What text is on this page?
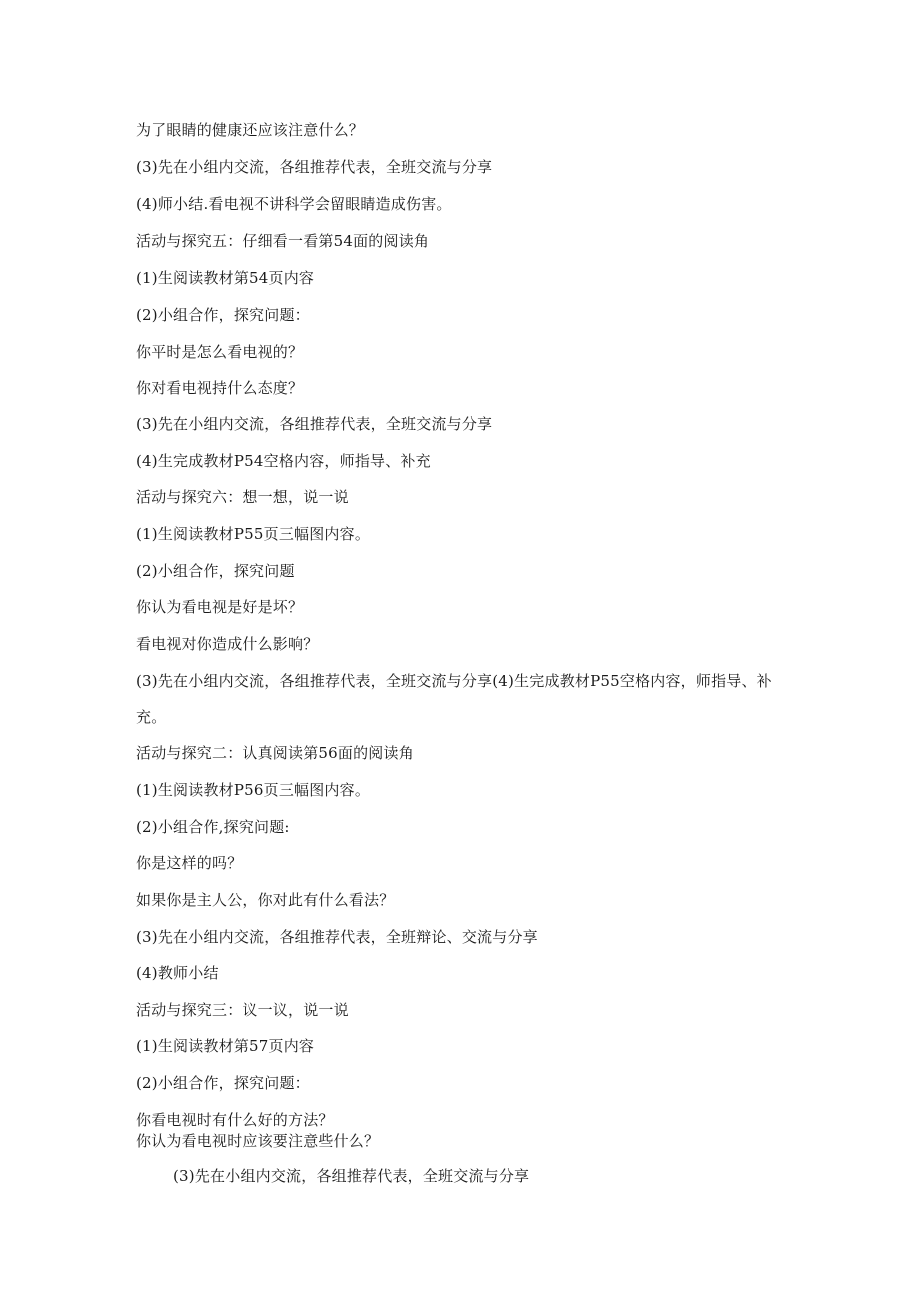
为了眼睛的健康还应该注意什么？
(3)先在小组内交流，各组推荐代表，全班交流与分享
(4)师小结.看电视不讲科学会留眼睛造成伤害。
活动与探究五：仔细看一看第54面的阅读角
(1)生阅读教材第54页内容
(2)小组合作，探究问题：
你平时是怎么看电视的？
你对看电视持什么态度？
(3)先在小组内交流，各组推荐代表，全班交流与分享
(4)生完成教材P54空格内容，师指导、补充
活动与探究六：想一想，说一说
(1)生阅读教材P55页三幅图内容。
(2)小组合作，探究问题
你认为看电视是好是坏？
看电视对你造成什么影响？
(3)先在小组内交流，各组推荐代表，全班交流与分享(4)生完成教材P55空格内容，师指导、补充。
活动与探究二：认真阅读第56面的阅读角
(1)生阅读教材P56页三幅图内容。
(2)小组合作,探究问题:
你是这样的吗？
如果你是主人公，你对此有什么看法？
(3)先在小组内交流，各组推荐代表，全班辩论、交流与分享
(4)教师小结
活动与探究三：议一议，说一说
(1)生阅读教材第57页内容
(2)小组合作，探究问题：
你看电视时有什么好的方法？
你认为看电视时应该要注意些什么？
(3)先在小组内交流，各组推荐代表，全班交流与分享
